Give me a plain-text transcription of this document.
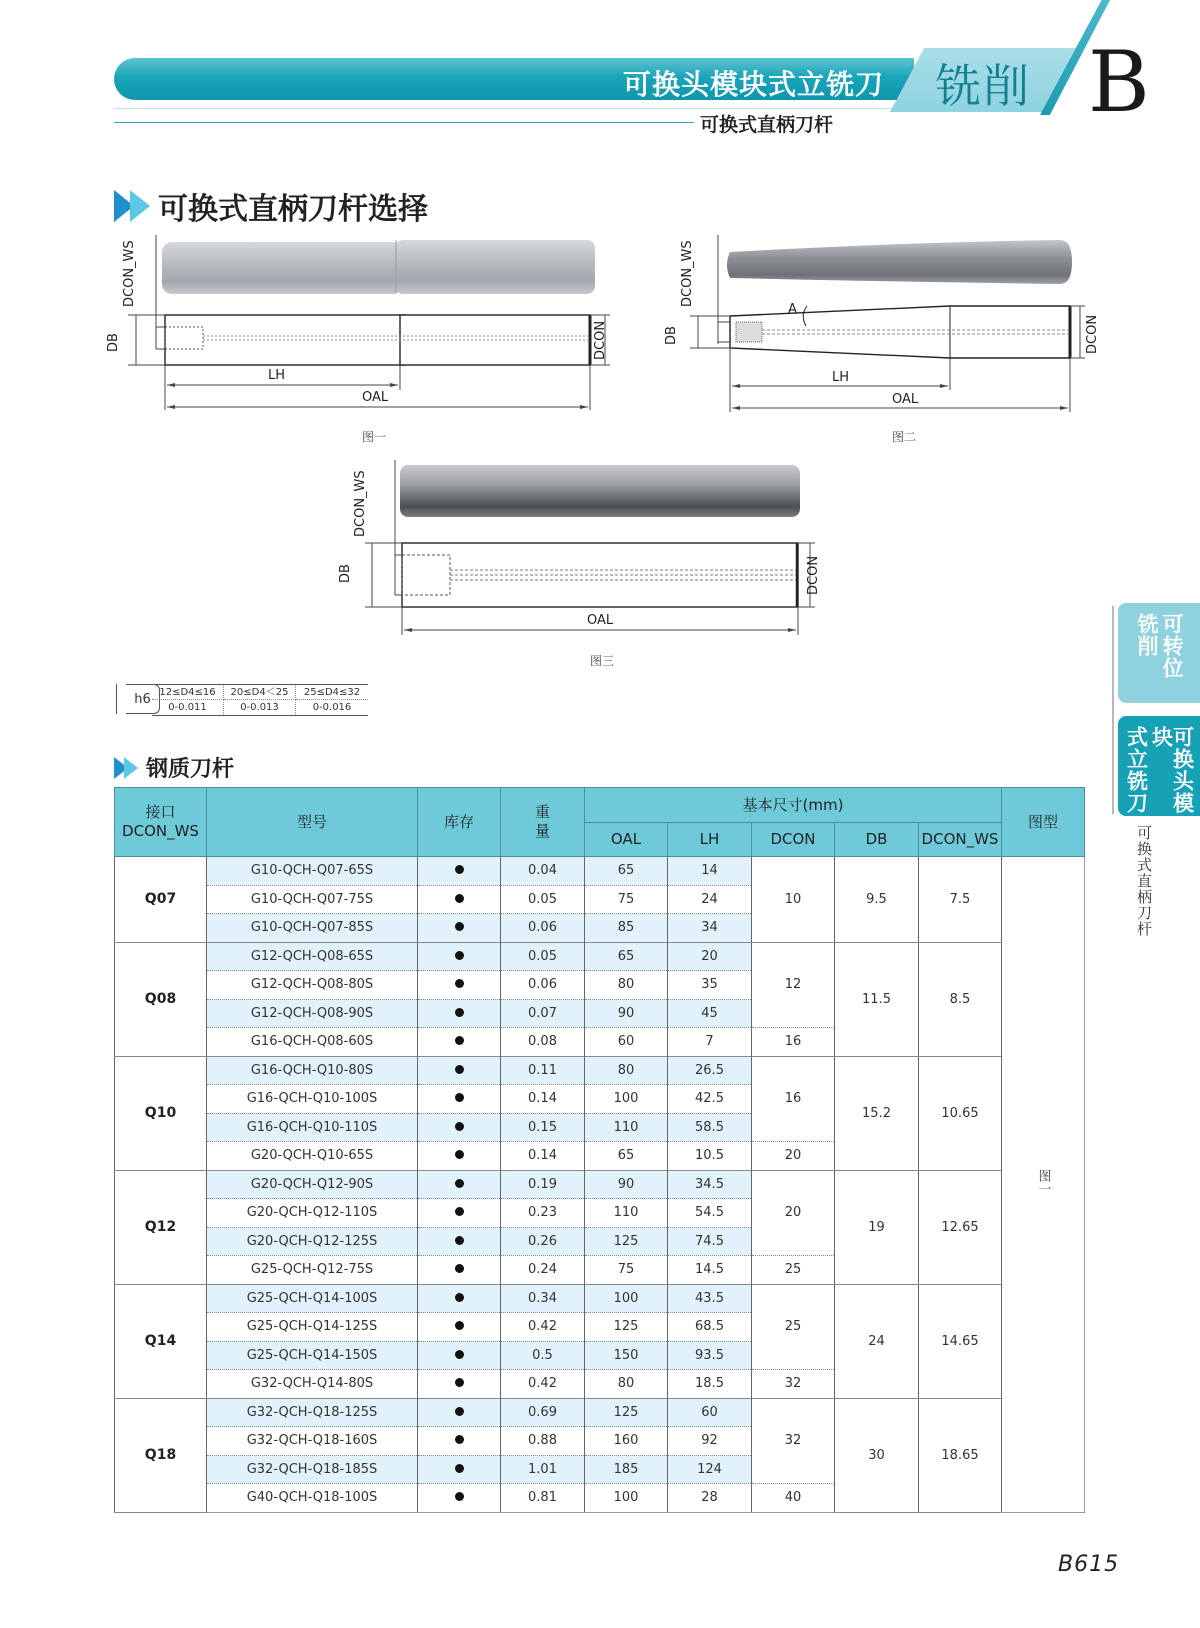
可换头模块式立铣刀 铣削 B
可换式直柄刀杆
可换式直柄刀杆选择
DCON_WS
DB	DCON
LH
OAL
图一
DCON_WS
DB	DCON
A
LH
OAL
图二
DCON_WS
DB	DCON
OAL
图三
h6 12≤D4≤16	20≤D4＜25	25≤D4≤32
0-0.011	0-0.013	0-0.016
钢质刀杆
接口
DCON_WS
	型号	库存	
重
量
	基本尺寸(mm)	图型
				OAL	LH	DCON	DB	DCON_WS	
Q07	G10-QCH-Q07-65S		0.04	65	14	10	9.5	7.5	图一
	G10-QCH-Q07-75S		0.05	75	24				
	G10-QCH-Q07-85S		0.06	85	34				
Q08	G12-QCH-Q08-65S		0.05	65	20	12	11.5	8.5	
	G12-QCH-Q08-80S		0.06	80	35				
	G12-QCH-Q08-90S		0.07	90	45				
	G16-QCH-Q08-60S		0.08	60	7	16			
Q10	G16-QCH-Q10-80S		0.11	80	26.5	16	15.2	10.65	
	G16-QCH-Q10-100S		0.14	100	42.5				
	G16-QCH-Q10-110S		0.15	110	58.5				
	G20-QCH-Q10-65S		0.14	65	10.5	20			
Q12	G20-QCH-Q12-90S		0.19	90	34.5	20	19	12.65	
	G20-QCH-Q12-110S		0.23	110	54.5				
	G20-QCH-Q12-125S		0.26	125	74.5				
	G25-QCH-Q12-75S		0.24	75	14.5	25			
Q14	G25-QCH-Q14-100S		0.34	100	43.5	25	24	14.65	
	G25-QCH-Q14-125S		0.42	125	68.5				
	G25-QCH-Q14-150S		0.5	150	93.5				
	G32-QCH-Q14-80S		0.42	80	18.5	32			
Q18	G32-QCH-Q18-125S		0.69	125	60	32	30	18.65	
	G32-QCH-Q18-160S		0.88	160	92				
	G32-QCH-Q18-185S		1.01	185	124				
	G40-QCH-Q18-100S		0.81	100	28	40			
可转位
铣削
可换头模块
式立铣刀
可换式直柄刀杆
B615
